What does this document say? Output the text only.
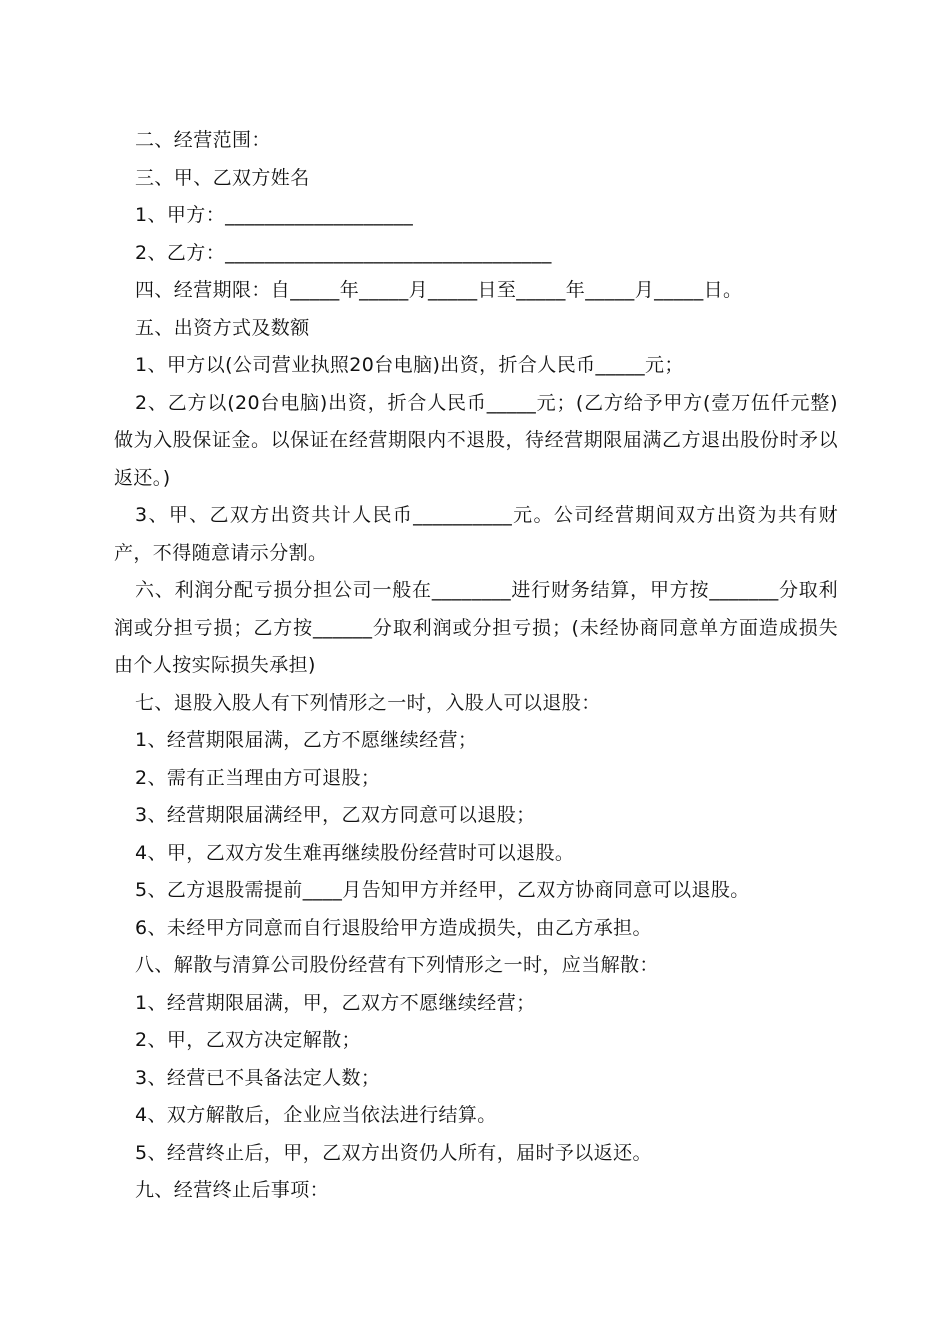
二、经营范围：
三、甲、乙双方姓名
1、甲方：___________________
2、乙方：_________________________________
四、经营期限：自_____年_____月_____日至_____年_____月_____日。
五、出资方式及数额
1、甲方以(公司营业执照20台电脑)出资，折合人民币_____元；
2、乙方以(20台电脑)出资，折合人民币_____元；(乙方给予甲方(壹万伍仟元整)做为入股保证金。以保证在经营期限内不退股，待经营期限届满乙方退出股份时矛以返还。)
3、甲、乙双方出资共计人民币__________元。公司经营期间双方出资为共有财产，不得随意请示分割。
六、利润分配亏损分担公司一般在________进行财务结算，甲方按_______分取利润或分担亏损；乙方按______分取利润或分担亏损；(未经协商同意单方面造成损失由个人按实际损失承担)
七、退股入股人有下列情形之一时，入股人可以退股：
1、经营期限届满，乙方不愿继续经营；
2、需有正当理由方可退股；
3、经营期限届满经甲，乙双方同意可以退股；
4、甲，乙双方发生难再继续股份经营时可以退股。
5、乙方退股需提前____月告知甲方并经甲，乙双方协商同意可以退股。
6、未经甲方同意而自行退股给甲方造成损失，由乙方承担。
八、解散与清算公司股份经营有下列情形之一时，应当解散：
1、经营期限届满，甲，乙双方不愿继续经营；
2、甲，乙双方决定解散；
3、经营已不具备法定人数；
4、双方解散后，企业应当依法进行结算。
5、经营终止后，甲，乙双方出资仍人所有，届时予以返还。
九、经营终止后事项：
